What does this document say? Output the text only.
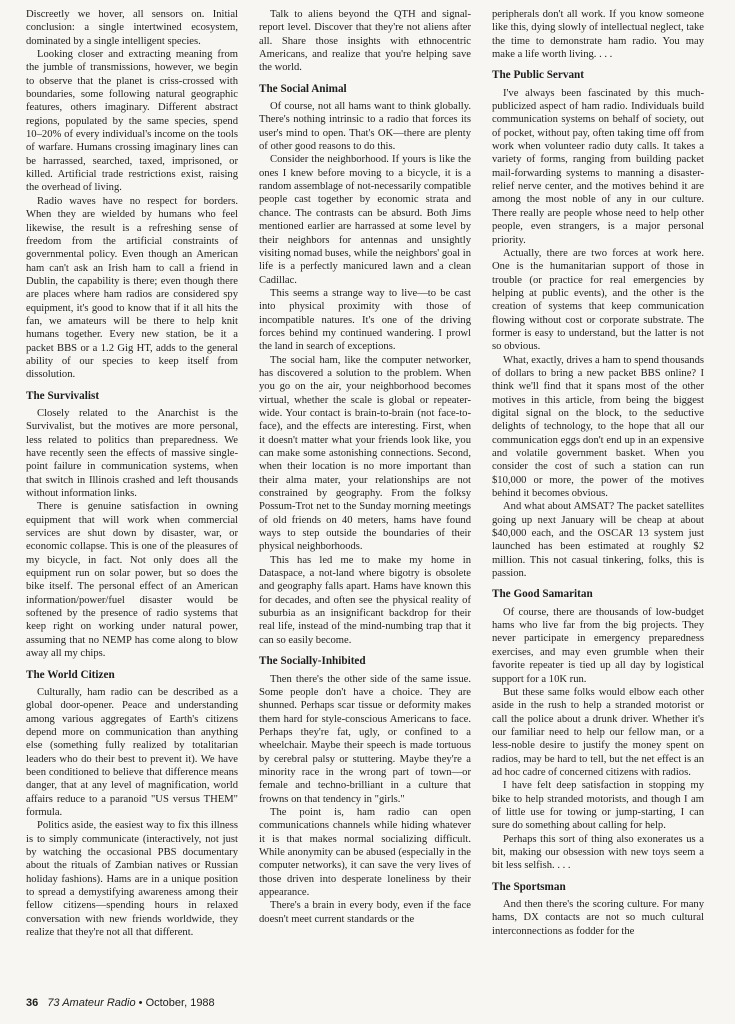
Discreetly we hover, all sensors on. Initial conclusion: a single intertwined ecosystem, dominated by a single intelligent species.

Looking closer and extracting meaning from the jumble of transmissions, however, we begin to observe that the planet is criss-crossed with boundaries, some following natural geographic features, others imaginary. Different abstract regions, populated by the same species, spend 10–20% of every individual's income on the tools of warfare. Humans crossing imaginary lines can be harrassed, searched, taxed, imprisoned, or killed. Artificial trade restrictions exist, raising the overhead of living.

Radio waves have no respect for borders. When they are wielded by humans who feel likewise, the result is a refreshing sense of freedom from the artificial constraints of governmental policy. Even though an American ham can't ask an Irish ham to call a friend in Dublin, the capability is there; even though there are places where ham radios are considered spy equipment, it's good to know that if it all hits the fan, we amateurs will be there to help knit humans together. Every new station, be it a packet BBS or a 1.2 Gig HT, adds to the general ability of our species to keep itself from dissolution.

The Survivalist

Closely related to the Anarchist is the Survivalist, but the motives are more personal, less related to politics than preparedness. We have recently seen the effects of massive single-point failure in communication systems, when that switch in Illinois crashed and left thousands without information links.

There is genuine satisfaction in owning equipment that will work when commercial services are shut down by disaster, war, or economic collapse. This is one of the pleasures of my bicycle, in fact. Not only does all the equipment run on solar power, but so does the bike itself. The personal effect of an American information/power/fuel disaster would be softened by the presence of radio systems that keep right on working under natural power, assuming that no NEMP has come along to blow away all my chips.

The World Citizen

Culturally, ham radio can be described as a global door-opener. Peace and understanding among various aggregates of Earth's citizens depend more on communication than anything else (something fully realized by totalitarian leaders who do their best to prevent it). We have been conditioned to believe that difference means danger, that at any level of magnification, world affairs reduce to a paranoid "US versus THEM" formula.

Politics aside, the easiest way to fix this illness is to simply communicate (interactively, not just by watching the occasional PBS documentary about the rituals of Zambian natives or Russian holiday fashions). Hams are in a unique position to spread a demystifying awareness among their fellow citizens—spending hours in relaxed conversation with new friends worldwide, they realize that they're not all that different.

Talk to aliens beyond the QTH and signal-report level. Discover that they're not aliens after all. Share those insights with ethnocentric Americans, and realize that you're helping save the world.

The Social Animal

Of course, not all hams want to think globally. There's nothing intrinsic to a radio that forces its user's mind to open. That's OK—there are plenty of other good reasons to do this.

Consider the neighborhood. If yours is like the ones I knew before moving to a bicycle, it is a random assemblage of not-necessarily compatible people cast together by economic strata and chance. The contrasts can be absurd. Both Jims mentioned earlier are harrassed at some level by their neighbors for antennas and unsightly visiting nomad buses, while the neighbors' goal in life is a perfectly manicured lawn and a clean Cadillac.

This seems a strange way to live—to be cast into physical proximity with those of incompatible natures. It's one of the driving forces behind my continued wandering. I prowl the land in search of exceptions.

The social ham, like the computer networker, has discovered a solution to the problem. When you go on the air, your neighborhood becomes virtual, whether the scale is global or repeater-wide. Your contact is brain-to-brain (not face-to-face), and the effects are interesting. First, when it doesn't matter what your friends look like, you can make some astonishing connections. Second, when their location is no more important than their alma mater, your relationships are not constrained by geography. From the folksy Possum-Trot net to the Sunday morning meetings of old friends on 40 meters, hams have found ways to step outside the boundaries of their physical neighborhoods.

This has led me to make my home in Dataspace, a not-land where bigotry is obsolete and geography falls apart. Hams have known this for decades, and often see the physical reality of suburbia as an insignificant backdrop for their real life, instead of the mind-numbing trap that it can so easily become.

The Socially-Inhibited

Then there's the other side of the same issue. Some people don't have a choice. They are shunned. Perhaps scar tissue or deformity makes them hard for style-conscious Americans to face. Perhaps they're fat, ugly, or confined to a wheelchair. Maybe their speech is made tortuous by cerebral palsy or stuttering. Maybe they're a minority race in the wrong part of town—or female and techno-brilliant in a culture that frowns on that tendency in "girls."

The point is, ham radio can open communications channels while hiding whatever it is that makes normal socializing difficult. While anonymity can be abused (especially in the computer networks), it can save the very lives of those driven into desperate loneliness by their appearance.

There's a brain in every body, even if the face doesn't meet current standards or the

peripherals don't all work. If you know someone like this, dying slowly of intellectual neglect, take the time to demonstrate ham radio. You may make a life worth living. . . .

The Public Servant

I've always been fascinated by this much-publicized aspect of ham radio. Individuals build communication systems on behalf of society, out of pocket, without pay, often taking time off from work when volunteer radio duty calls. It takes a variety of forms, ranging from building packet mail-forwarding systems to manning a disaster-relief nerve center, and the motives behind it are among the most noble of any in our culture. There really are people whose need to help other people, even strangers, is a major personal priority.

Actually, there are two forces at work here. One is the humanitarian support of those in trouble (or practice for real emergencies by helping at public events), and the other is the creation of systems that keep communication flowing without cost or corporate substrate. The former is easy to understand, but the latter is not so obvious.

What, exactly, drives a ham to spend thousands of dollars to bring a new packet BBS online? I think we'll find that it spans most of the other motives in this article, from being the biggest digital signal on the block, to the seductive delights of technology, to the hope that all our communication eggs don't end up in an expensive and volatile government basket. When you consider the cost of such a station can run $10,000 or more, the power of the motives behind it becomes obvious.

And what about AMSAT? The packet satellites going up next January will be cheap at about $40,000 each, and the OSCAR 13 system just launched has been estimated at roughly $2 million. This not casual tinkering, folks, this is passion.

The Good Samaritan

Of course, there are thousands of low-budget hams who live far from the big projects. They never participate in emergency preparedness exercises, and may even grumble when their favorite repeater is tied up all day by logistical support for a 10K run.

But these same folks would elbow each other aside in the rush to help a stranded motorist or call the police about a drunk driver. Whether it's our familiar need to help our fellow man, or a less-noble desire to justify the money spent on radios, may be hard to tell, but the net effect is an ad hoc cadre of concerned citizens with radios.

I have felt deep satisfaction in stopping my bike to help stranded motorists, and though I am of little use for towing or jump-starting, I can sure do something about calling for help.

Perhaps this sort of thing also exonerates us a bit, making our obsession with new toys seem a bit less selfish. . . .

The Sportsman

And then there's the scoring culture. For many hams, DX contacts are not so much cultural interconnections as fodder for the

36 73 Amateur Radio • October, 1988
